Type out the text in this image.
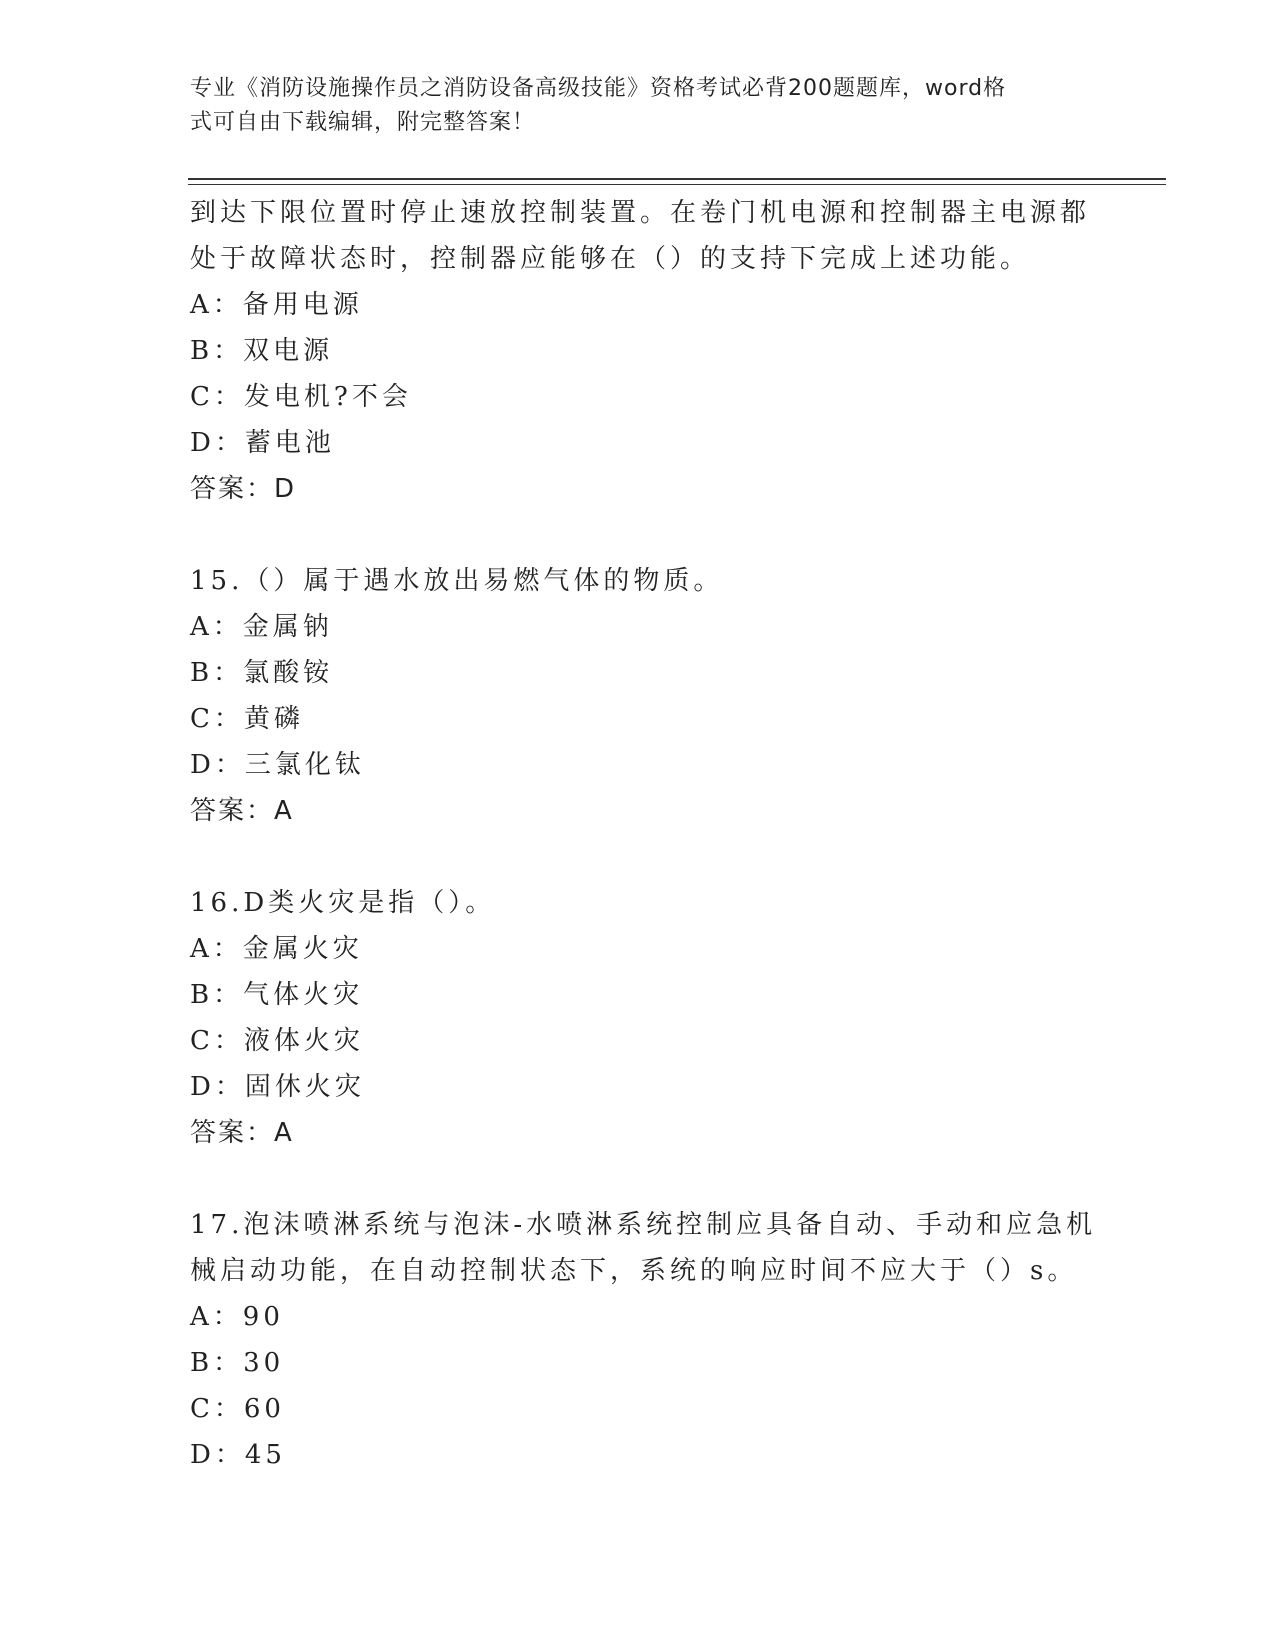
专业《消防设施操作员之消防设备高级技能》资格考试必背200题题库，word格
式可自由下载编辑，附完整答案！
到达下限位置时停止速放控制装置。在卷门机电源和控制器主电源都
处于故障状态时，控制器应能够在（）的支持下完成上述功能。
A：备用电源
B：双电源
C：发电机?不会
D：蓄电池
答案：D
15.（）属于遇水放出易燃气体的物质。
A：金属钠
B：氯酸铵
C：黄磷
D：三氯化钛
答案：A
16.D类火灾是指（）。
A：金属火灾
B：气体火灾
C：液体火灾
D：固休火灾
答案：A
17.泡沫喷淋系统与泡沫-水喷淋系统控制应具备自动、手动和应急机
械启动功能，在自动控制状态下，系统的响应时间不应大于（）s。
A：90
B：30
C：60
D：45
